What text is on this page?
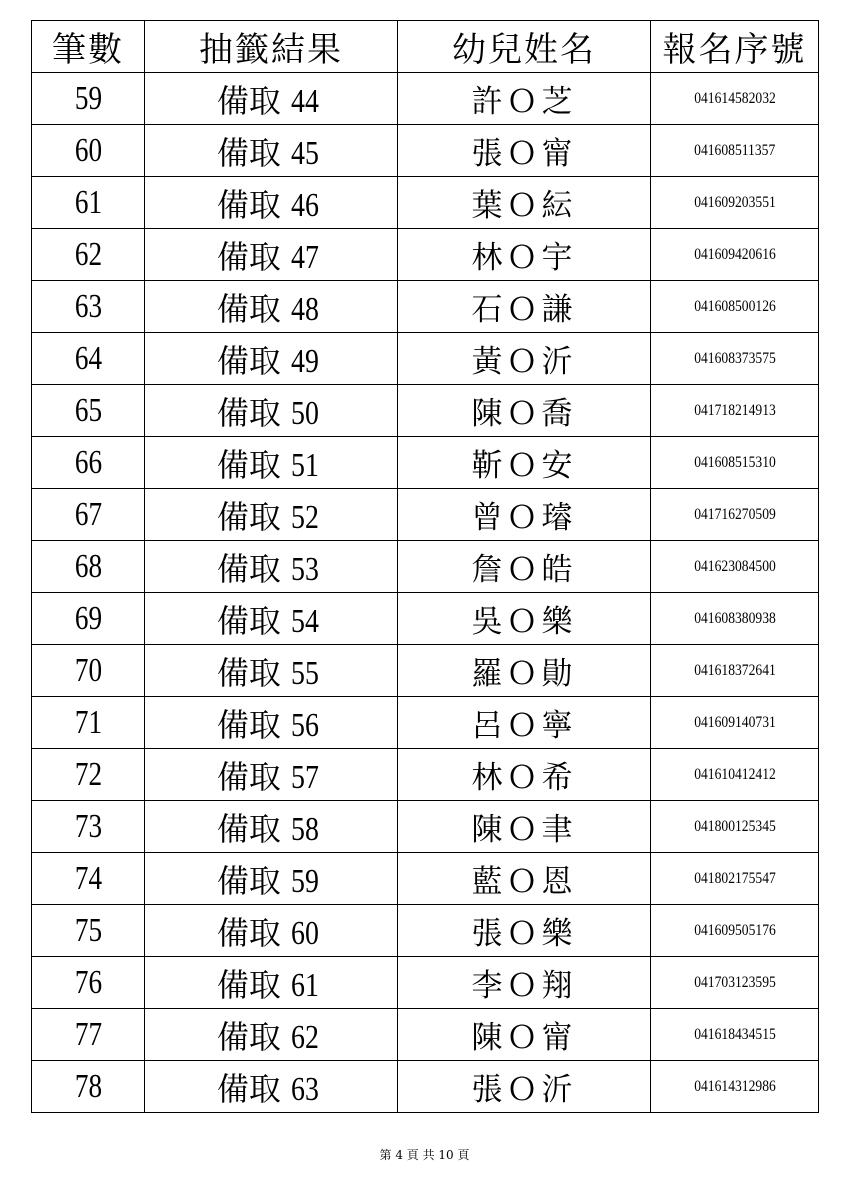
筆數	抽籤結果	幼兒姓名	報名序號
59	備取 44	許Ｏ芝	041614582032
60	備取 45	張Ｏ甯	041608511357
61	備取 46	葉Ｏ紜	041609203551
62	備取 47	林Ｏ宇	041609420616
63	備取 48	石Ｏ謙	041608500126
64	備取 49	黃Ｏ沂	041608373575
65	備取 50	陳Ｏ喬	041718214913
66	備取 51	靳Ｏ安	041608515310
67	備取 52	曾Ｏ璿	041716270509
68	備取 53	詹Ｏ皓	041623084500
69	備取 54	吳Ｏ樂	041608380938
70	備取 55	羅Ｏ勛	041618372641
71	備取 56	呂Ｏ寧	041609140731
72	備取 57	林Ｏ希	041610412412
73	備取 58	陳Ｏ聿	041800125345
74	備取 59	藍Ｏ恩	041802175547
75	備取 60	張Ｏ樂	041609505176
76	備取 61	李Ｏ翔	041703123595
77	備取 62	陳Ｏ甯	041618434515
78	備取 63	張Ｏ沂	041614312986
第 4 頁 共 10 頁
